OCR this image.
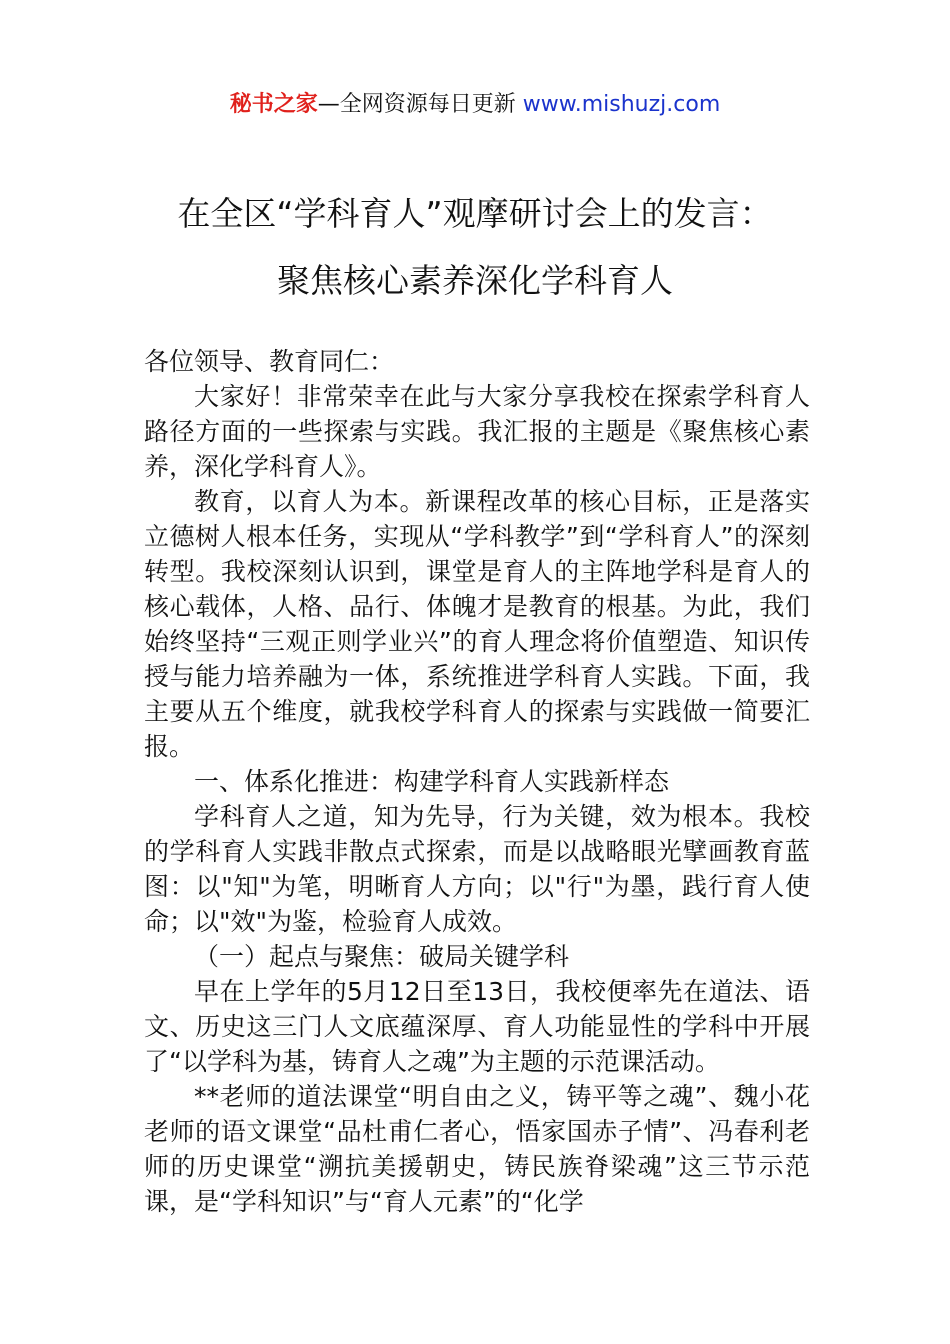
秘书之家—全网资源每日更新 www.mishuzj.com
在全区“学科育人”观摩研讨会上的发言：
聚焦核心素养深化学科育人

各位领导、教育同仁：

大家好！非常荣幸在此与大家分享我校在探索学科育人路径方面的一些探索与实践。我汇报的主题是《聚焦核心素养，深化学科育人》。

教育，以育人为本。新课程改革的核心目标，正是落实立德树人根本任务，实现从“学科教学”到“学科育人”的深刻转型。我校深刻认识到，课堂是育人的主阵地学科是育人的核心载体，人格、品行、体魄才是教育的根基。为此，我们始终坚持“三观正则学业兴”的育人理念将价值塑造、知识传授与能力培养融为一体，系统推进学科育人实践。下面，我主要从五个维度，就我校学科育人的探索与实践做一简要汇报。

一、体系化推进：构建学科育人实践新样态

学科育人之道，知为先导，行为关键，效为根本。我校的学科育人实践非散点式探索，而是以战略眼光擘画教育蓝图：以"知"为笔，明晰育人方向；以"行"为墨，践行育人使命；以"效"为鉴，检验育人成效。

（一）起点与聚焦：破局关键学科

早在上学年的5月12日至13日，我校便率先在道法、语文、历史这三门人文底蕴深厚、育人功能显性的学科中开展了“以学科为基，铸育人之魂”为主题的示范课活动。

**老师的道法课堂“明自由之义，铸平等之魂”、魏小花老师的语文课堂“品杜甫仁者心，悟家国赤子情”、冯春利老师的历史课堂“溯抗美援朝史，铸民族脊梁魂”这三节示范课，是“学科知识”与“育人元素”的“化学
